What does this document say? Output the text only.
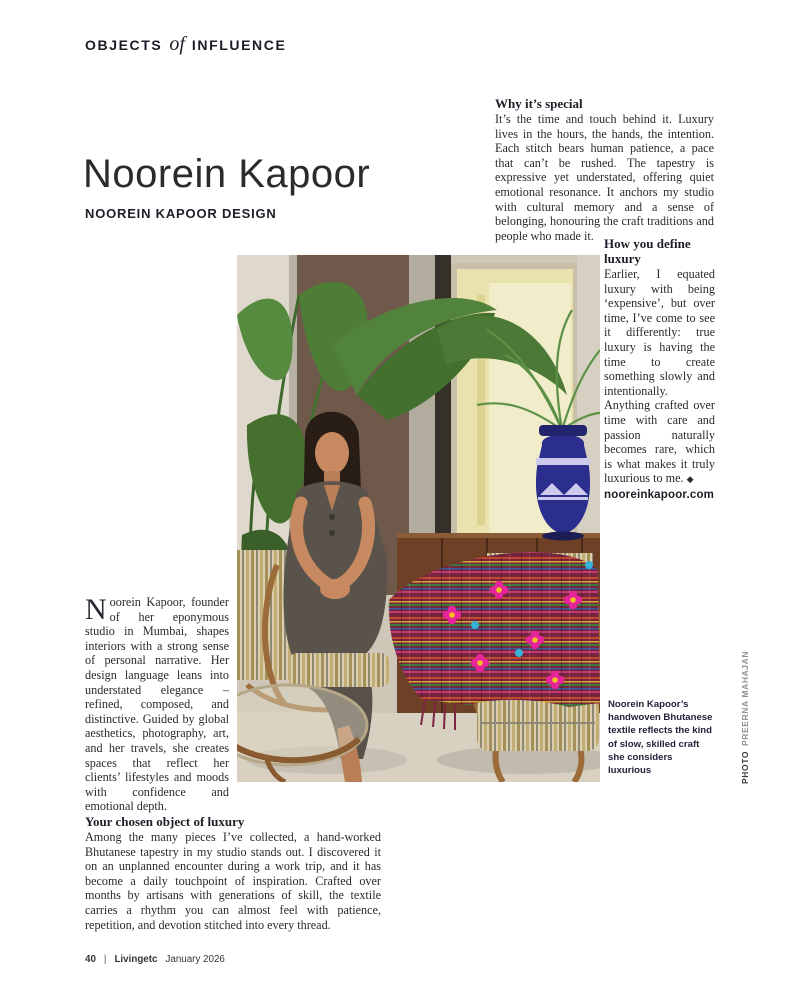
OBJECTS of INFLUENCE
Noorein Kapoor
NOOREIN KAPOOR DESIGN
Why it’s special

It’s the time and touch behind it. Luxury lives in the hours, the hands, the intention. Each stitch bears human patience, a pace that can’t be rushed. The tapestry is expressive yet understated, offering quiet emotional resonance. It anchors my studio with cultural memory and a sense of belonging, honouring the craft traditions and people who made it.

How you define luxury

Earlier, I equated luxury with being ‘expensive’, but over time, I’ve come to see it differently: true luxury is having the time to create something slowly and intentionally. Anything crafted over time with care and passion naturally becomes rare, which is what makes it truly luxurious to me. ◆

nooreinkapoor.com
Noorein Kapoor’s handwoven Bhutanese textile reflects the kind of slow, skilled craft she considers luxurious	PHOTO
PREERNA MAHAJAN

Noorein Kapoor, founder of her eponymous studio in Mumbai, shapes interiors with a strong sense of personal narrative. Her design language leans into understated elegance – refined, composed, and distinctive. Guided by global aesthetics, photography, art, and her travels, she creates spaces that reflect her clients’ lifestyles and moods with confidence and emotional depth.

Your chosen object of luxury

Among the many pieces I’ve collected, a hand-worked Bhutanese tapestry in my studio stands out. I discovered it on an unplanned encounter during a work trip, and it has become a daily touchpoint of inspiration. Crafted over months by artisans with generations of skill, the textile carries a rhythm you can almost feel with patience, repetition, and devotion stitched into every thread.

40 | Livingetc January 2026
